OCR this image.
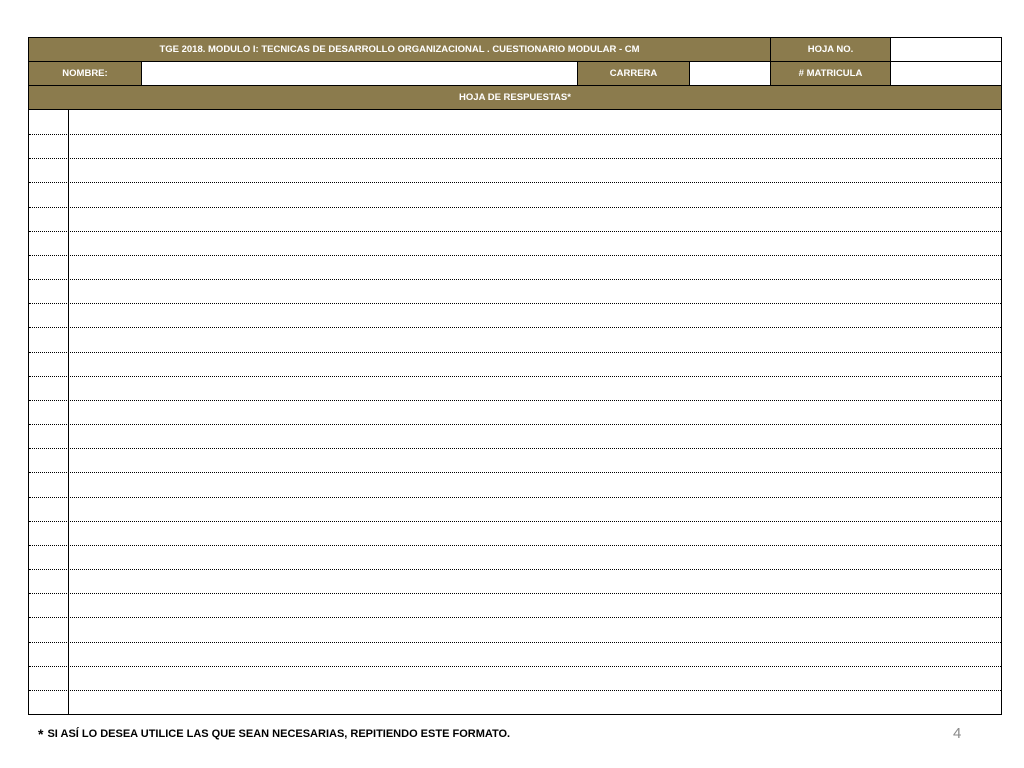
TGE 2018. MODULO I: TECNICAS DE DESARROLLO ORGANIZACIONAL . CUESTIONARIO MODULAR - CM	HOJA NO.
NOMBRE:	CARRERA	# MATRICULA
HOJA DE RESPUESTAS*
* SI ASÍ LO DESEA UTILICE LAS QUE SEAN NECESARIAS, REPITIENDO ESTE FORMATO.	4
